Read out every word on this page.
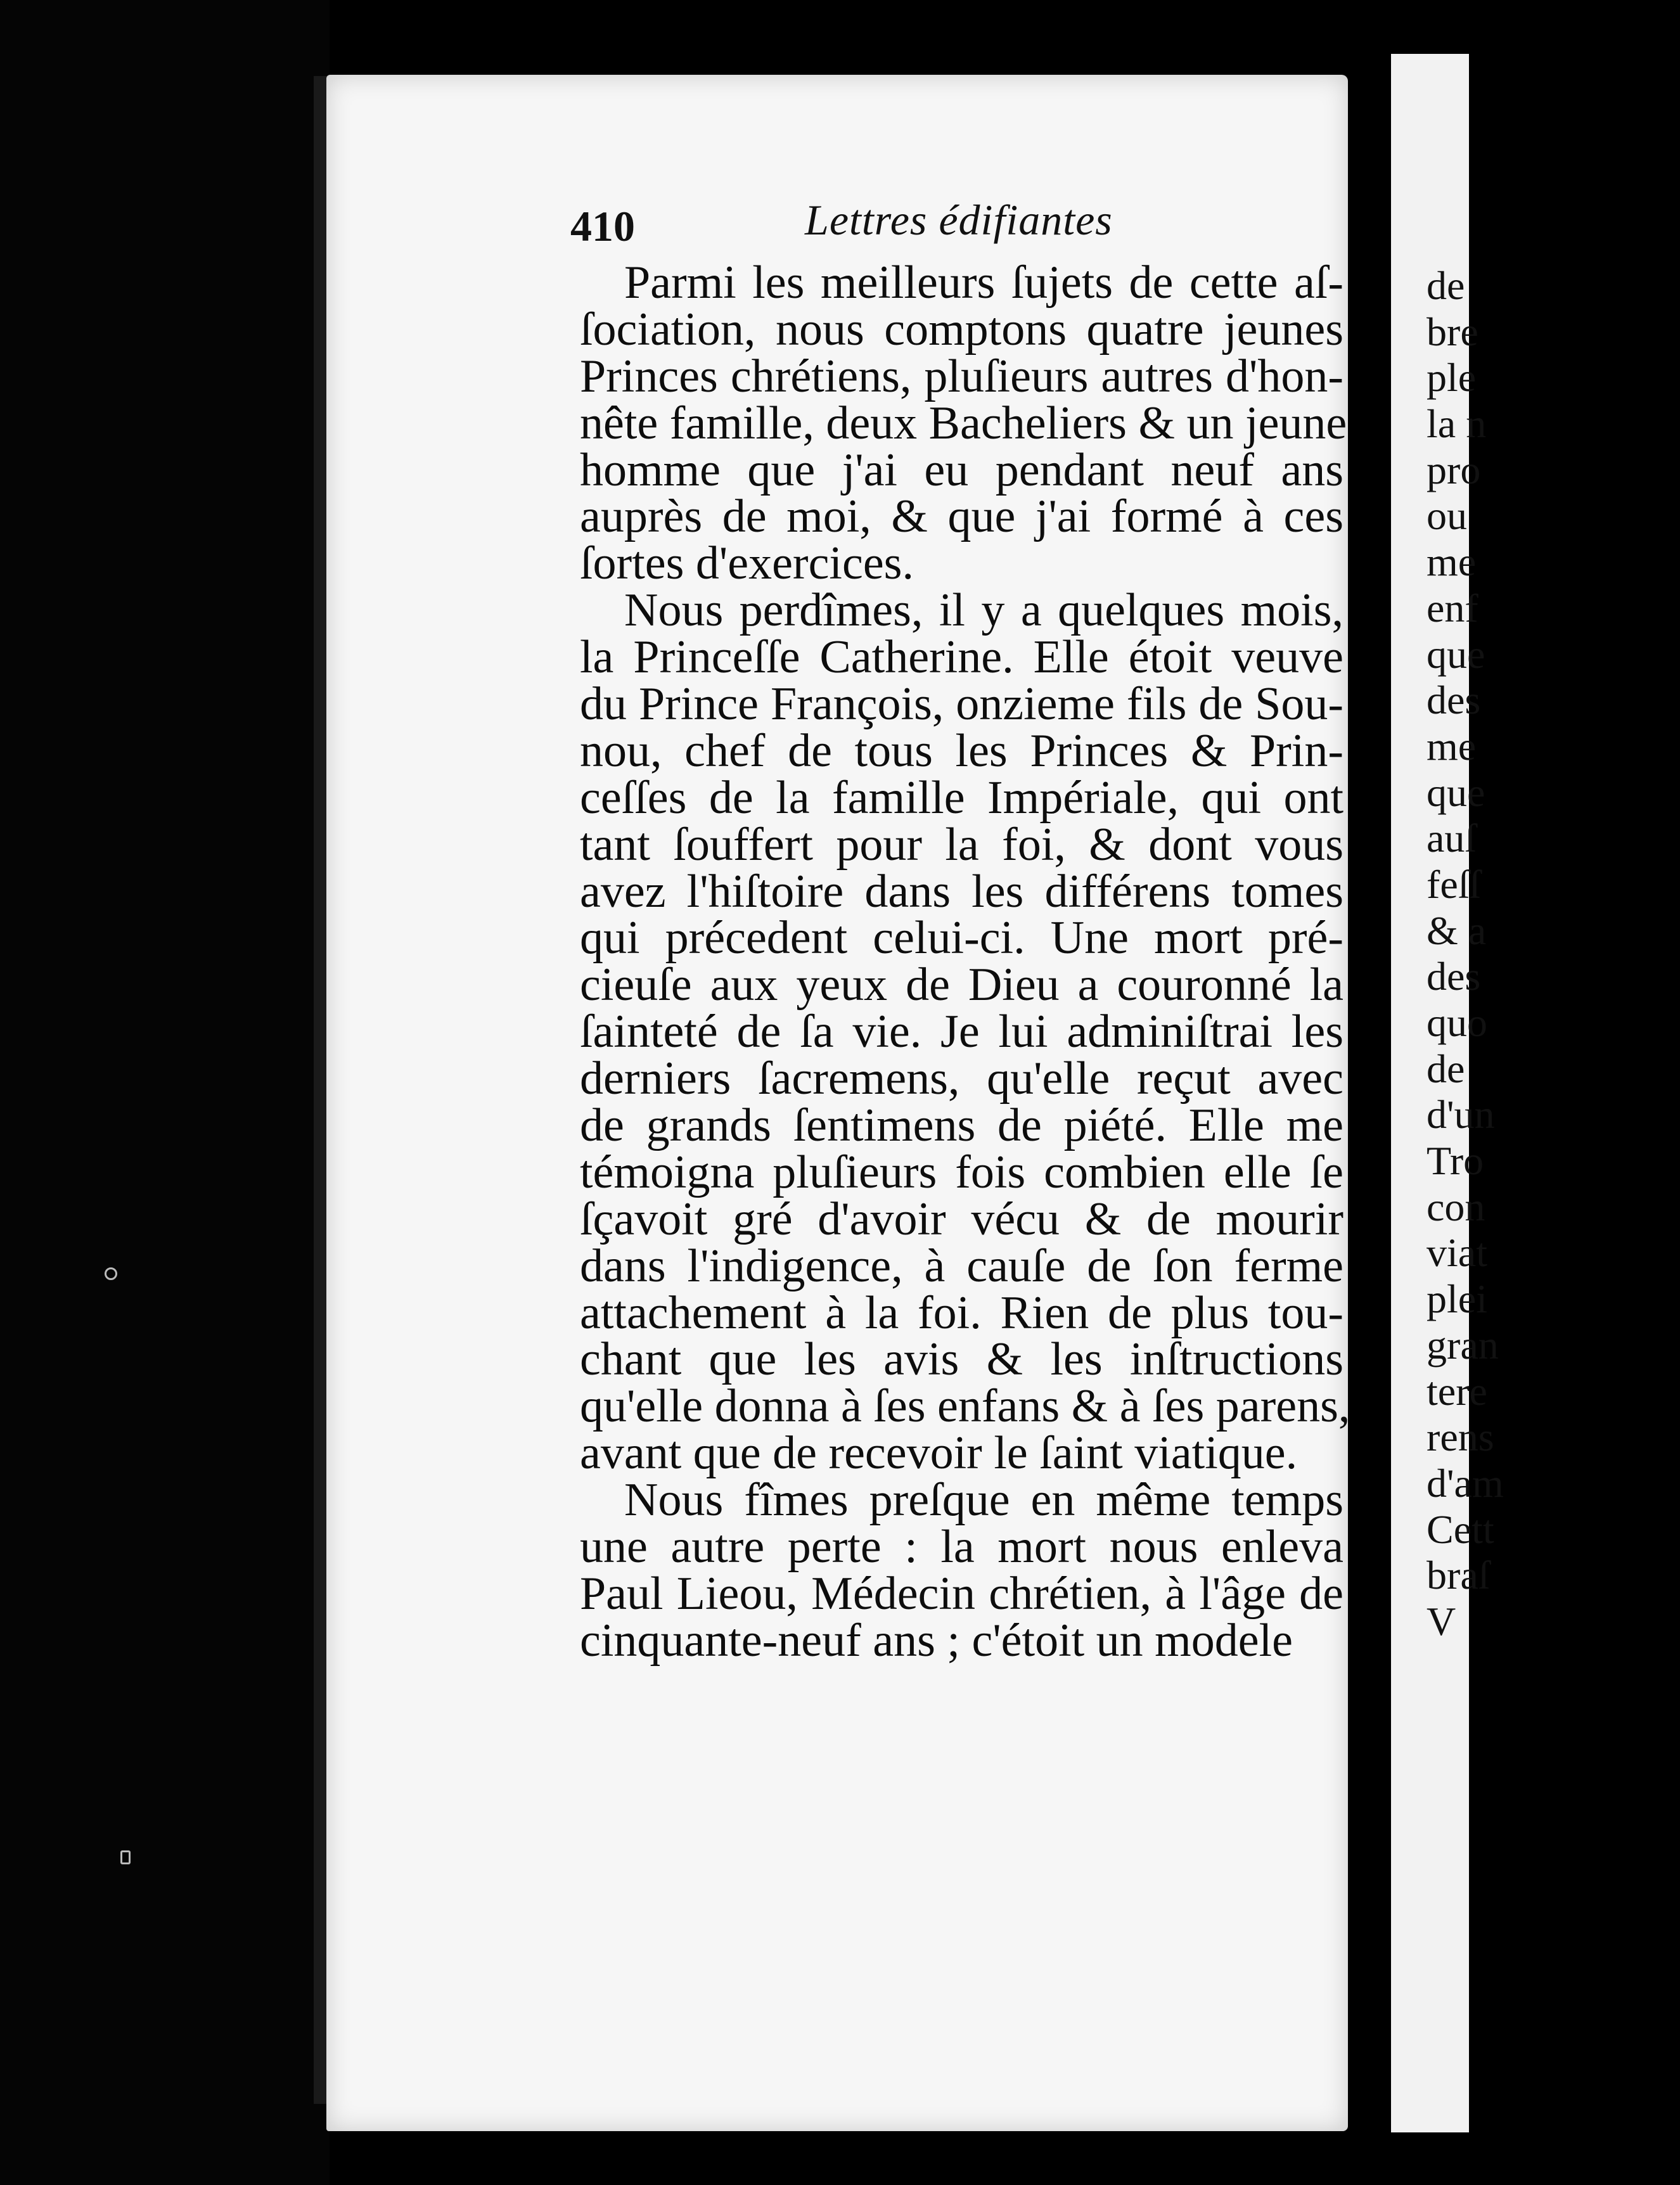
de
bre
ple
la n
pro
ou
me
enf
que
des
me
que
auſ
feſſ
& a
des
quo
de
d'un
Tro
con
viat
plei
gran
tere
rens
d'am
Cett
braſ
V
410	Lettres édifiantes
Parmi les meilleurs ſujets de cette aſ-
ſociation, nous comptons quatre jeunes
Princes chrétiens, pluſieurs autres d'hon-
nête famille, deux Bacheliers & un jeune
homme que j'ai eu pendant neuf ans
auprès de moi, & que j'ai formé à ces
ſortes d'exercices.
Nous perdîmes, il y a quelques mois,
la Princeſſe Catherine. Elle étoit veuve
du Prince François, onzieme fils de Sou-
nou, chef de tous les Princes & Prin-
ceſſes de la famille Impériale, qui ont
tant ſouffert pour la foi, & dont vous
avez l'hiſtoire dans les différens tomes
qui précedent celui-ci. Une mort pré-
cieuſe aux yeux de Dieu a couronné la
ſainteté de ſa vie. Je lui adminiſtrai les
derniers ſacremens, qu'elle reçut avec
de grands ſentimens de piété. Elle me
témoigna pluſieurs fois combien elle ſe
ſçavoit gré d'avoir vécu & de mourir
dans l'indigence, à cauſe de ſon ferme
attachement à la foi. Rien de plus tou-
chant que les avis & les inſtructions
qu'elle donna à ſes enfans & à ſes parens,
avant que de recevoir le ſaint viatique.
Nous fîmes preſque en même temps
une autre perte : la mort nous enleva
Paul Lieou, Médecin chrétien, à l'âge de
cinquante-neuf ans ; c'étoit un modele
